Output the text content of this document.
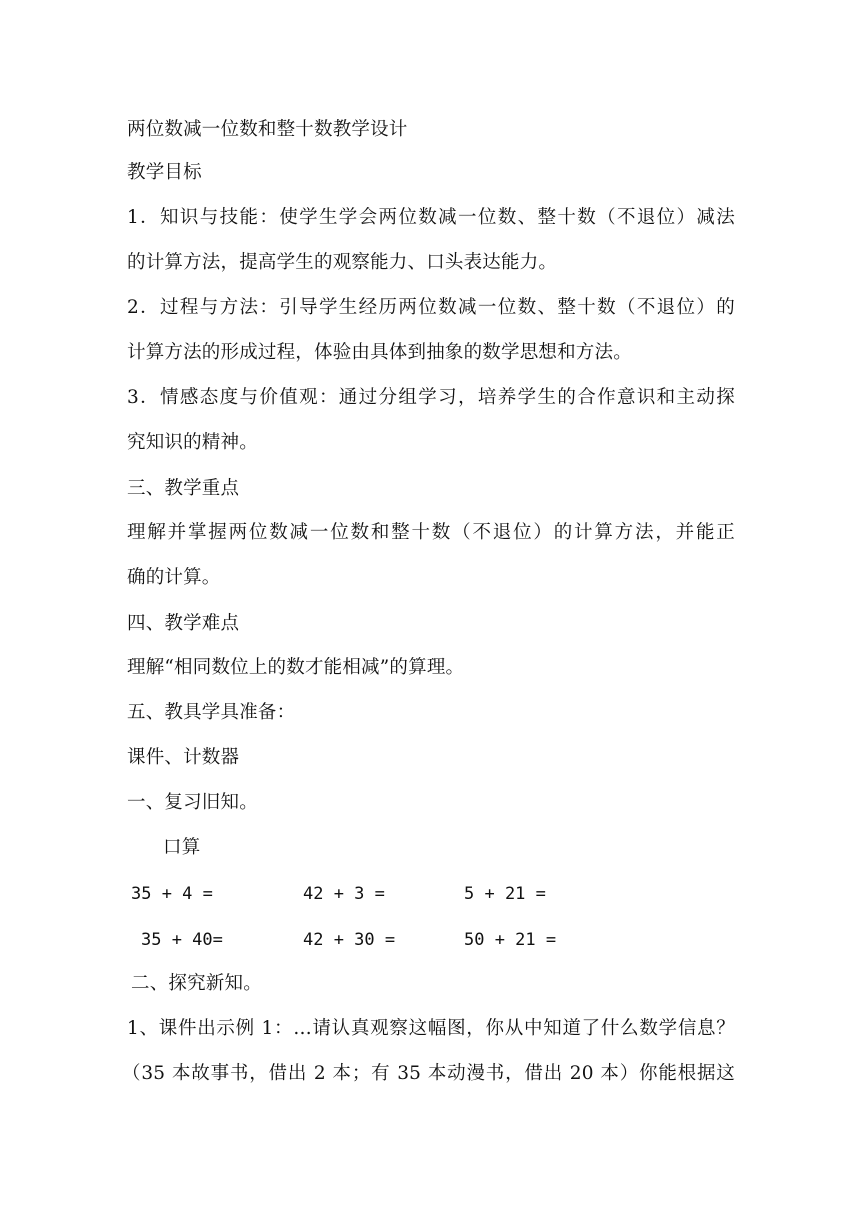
两位数减一位数和整十数教学设计
教学目标
1．知识与技能：使学生学会两位数减一位数、整十数（不退位）减法
的计算方法，提高学生的观察能力、口头表达能力。
2．过程与方法：引导学生经历两位数减一位数、整十数（不退位）的
计算方法的形成过程，体验由具体到抽象的数学思想和方法。
3．情感态度与价值观：通过分组学习，培养学生的合作意识和主动探
究知识的精神。
三、教学重点
理解并掌握两位数减一位数和整十数（不退位）的计算方法，并能正
确的计算。
四、教学难点
理解“相同数位上的数才能相减”的算理。
五、教具学具准备：
课件、计数器
一、复习旧知。
口算
35 + 4 =	42 + 3 =	5 + 21 =
35 + 40=	42 + 30 =	50 + 21 =
二、探究新知。
1、课件出示例 1：…请认真观察这幅图，你从中知道了什么数学信息？
（35 本故事书，借出 2 本；有 35 本动漫书，借出 20 本）你能根据这
